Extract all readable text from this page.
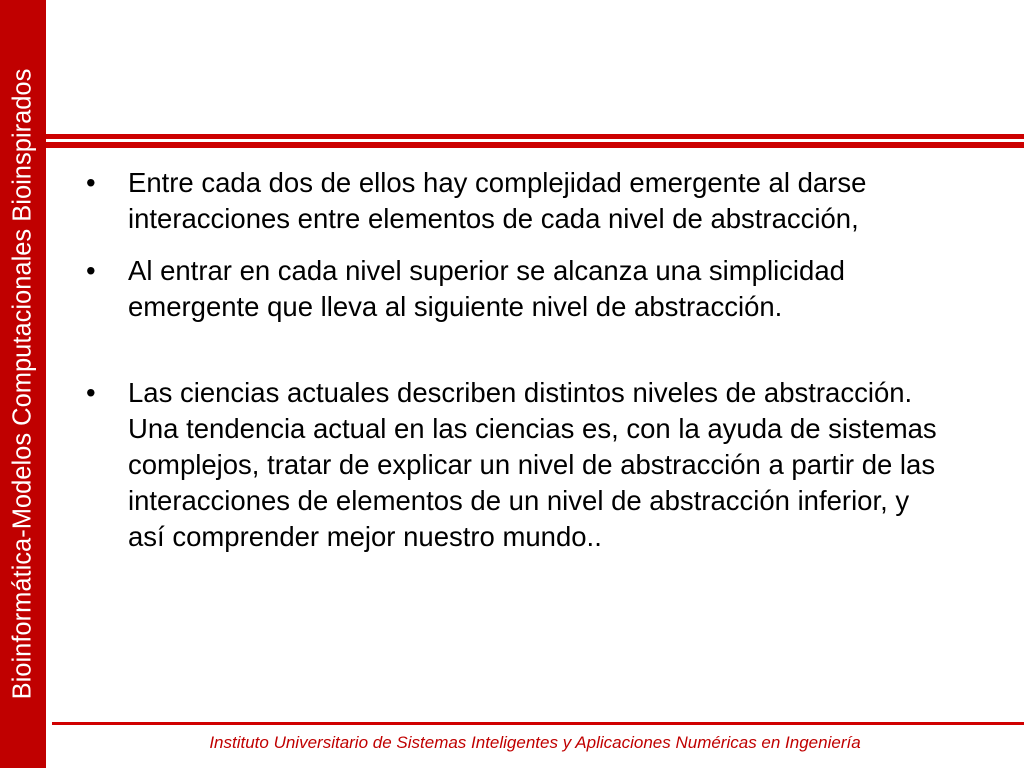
Bioinformática-Modelos Computacionales Bioinspirados •	Entre cada dos de ellos hay complejidad emergente al darse interacciones entre elementos de cada nivel de abstracción,
•	Al entrar en cada nivel superior se alcanza una simplicidad emergente que lleva al siguiente nivel de abstracción.
•	Las ciencias actuales describen distintos niveles de abstracción. Una tendencia actual en las ciencias es, con la ayuda de sistemas complejos, tratar de explicar un nivel de abstracción a partir de las interacciones de elementos de un nivel de abstracción inferior, y así comprender mejor nuestro mundo..
Instituto Universitario de Sistemas Inteligentes y Aplicaciones Numéricas en Ingeniería
